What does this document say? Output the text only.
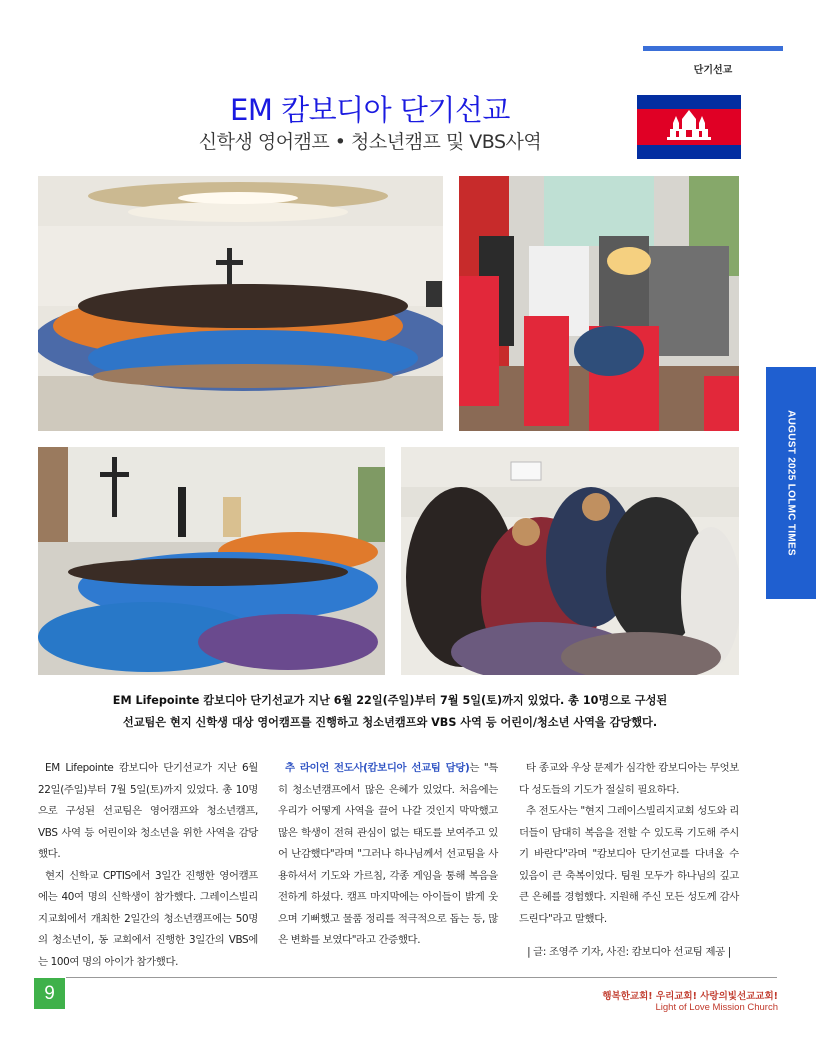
단기선교
EM 캄보디아 단기선교
신학생 영어캠프 • 청소년캠프 및 VBS사역
AUGUST 2025 LOLMC TIMES
EM Lifepointe 캄보디아 단기선교가 지난 6월 22일(주일)부터 7월 5일(토)까지 있었다. 총 10명으로 구성된
선교팀은 현지 신학생 대상 영어캠프를 진행하고 청소년캠프와 VBS 사역 등 어린이/청소년 사역을 감당했다.

EM Lifepointe 캄보디아 단기선교가 지난 6월 22일(주일)부터 7월 5일(토)까지 있었다. 총 10명으로 구성된 선교팀은 영어캠프와 청소년캠프, VBS 사역 등 어린이와 청소년을 위한 사역을 감당했다.

현지 신학교 CPTIS에서 3일간 진행한 영어캠프에는 40여 명의 신학생이 참가했다. 그레이스빌리지교회에서 개최한 2일간의 청소년캠프에는 50명의 청소년이, 동 교회에서 진행한 3일간의 VBS에는 100여 명의 아이가 참가했다.

추 라이언 전도사(캄보디아 선교팀 담당)는 "특히 청소년캠프에서 많은 은혜가 있었다. 처음에는 우리가 어떻게 사역을 끌어 나갈 것인지 막막했고 많은 학생이 전혀 관심이 없는 태도를 보여주고 있어 난감했다"라며 "그러나 하나님께서 선교팀을 사용하셔서 기도와 가르침, 각종 게임을 통해 복음을 전하게 하셨다. 캠프 마지막에는 아이들이 밝게 웃으며 기뻐했고 물품 정리를 적극적으로 돕는 등, 많은 변화를 보였다"라고 간증했다.

타 종교와 우상 문제가 심각한 캄보디아는 무엇보다 성도들의 기도가 절실히 필요하다.

추 전도사는 "현지 그레이스빌리지교회 성도와 리더들이 담대히 복음을 전할 수 있도록 기도해 주시기 바란다"라며 "캄보디아 단기선교를 다녀올 수 있음이 큰 축복이었다. 팀원 모두가 하나님의 깊고 큰 은혜를 경험했다. 지원해 주신 모든 성도께 감사드린다"라고 말했다.

| 글: 조영주 기자, 사진: 캄보디아 선교팀 제공 |

9	행복한교회! 우리교회! 사랑의빛선교교회!
Light of Love Mission Church
